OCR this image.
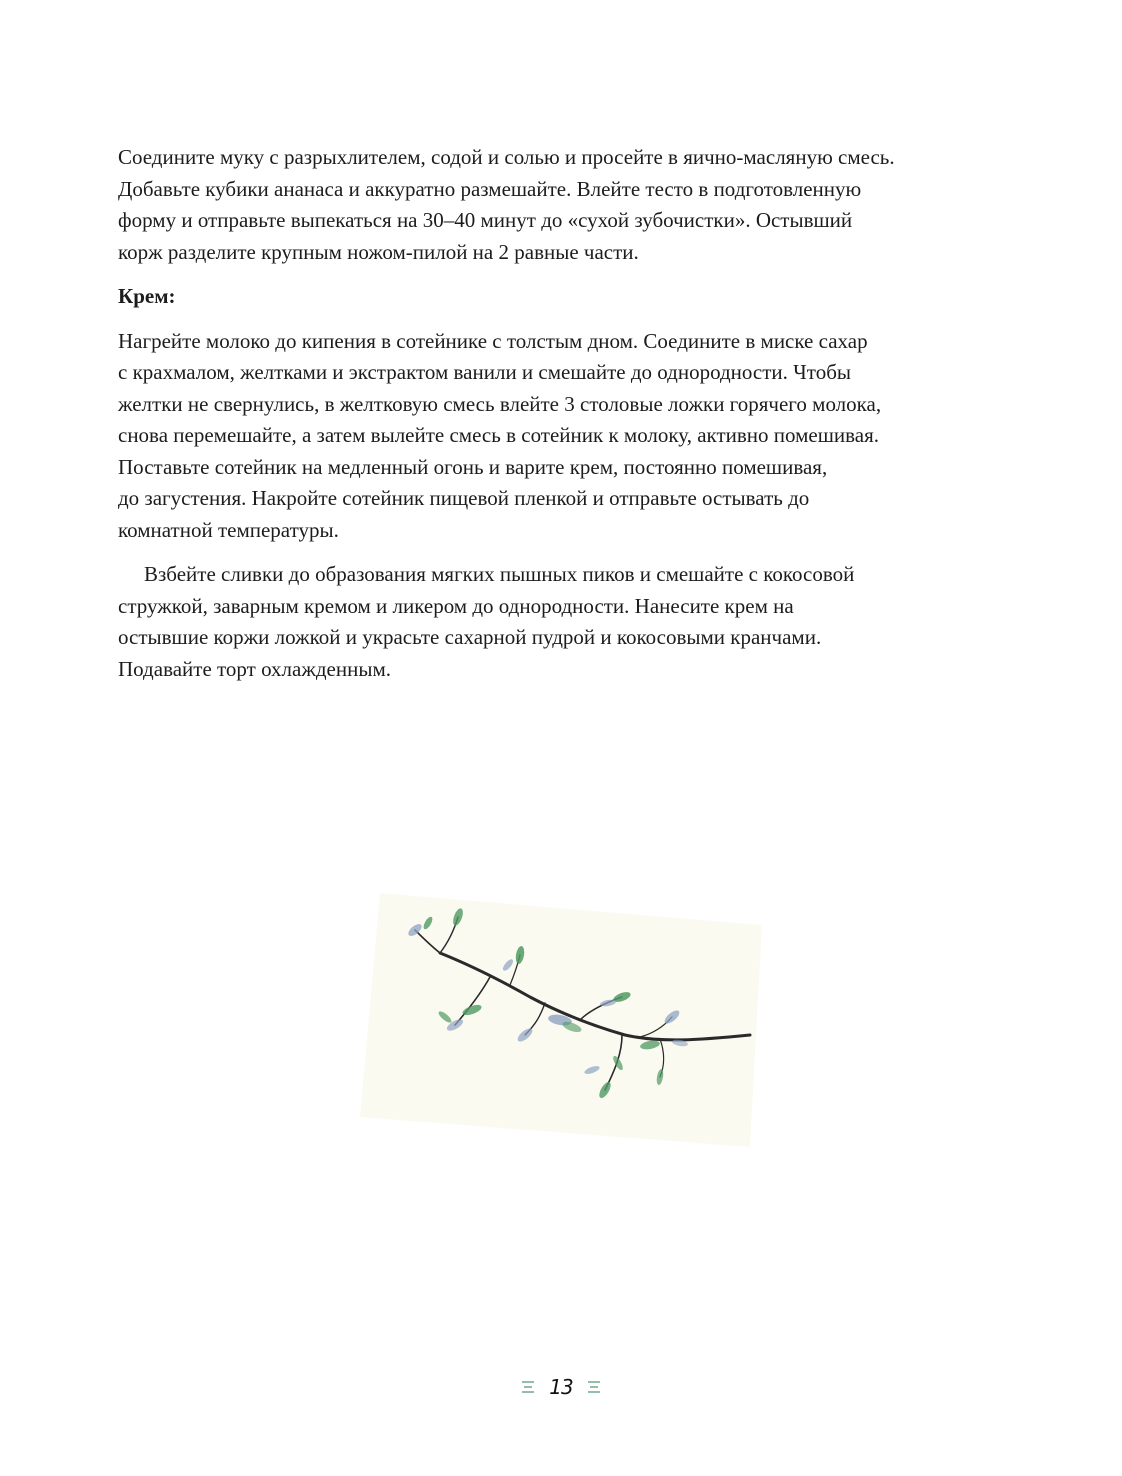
Соедините муку с разрыхлителем, содой и солью и просейте в яично-масляную смесь.
Добавьте кубики ананаса и аккуратно размешайте. Влейте тесто в подготовленную
форму и отправьте выпекаться на 30–40 минут до «сухой зубочистки». Остывший
корж разделите крупным ножом-пилой на 2 равные части.

Крем:

Нагрейте молоко до кипения в сотейнике с толстым дном. Соедините в миске сахар
с крахмалом, желтками и экстрактом ванили и смешайте до однородности. Чтобы
желтки не свернулись, в желтковую смесь влейте 3 столовые ложки горячего молока,
снова перемешайте, а затем вылейте смесь в сотейник к молоку, активно помешивая.
Поставьте сотейник на медленный огонь и варите крем, постоянно помешивая,
до загустения. Накройте сотейник пищевой пленкой и отправьте остывать до
комнатной температуры.

Взбейте сливки до образования мягких пышных пиков и смешайте с кокосовой
стружкой, заварным кремом и ликером до однородности. Нанесите крем на
остывшие коржи ложкой и украсьте сахарной пудрой и кокосовыми кранчами.
Подавайте торт охлажденным.

13
